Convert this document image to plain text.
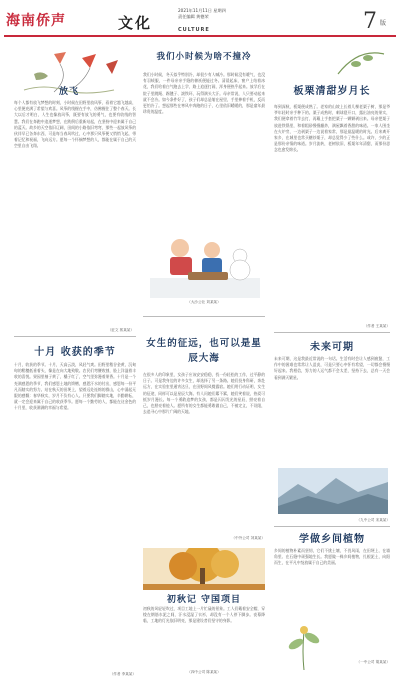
海南侨声	文化
2021年11月11日 星期四
责任编辑 黄德荣
CULTURE	7 版
放飞
每个人都有放飞梦想的时刻，小时候在田野里放风筝，看着它越飞越高，心里便充满了希望与欢喜。风筝的线握在手中，仿佛握住了整个春天。长大以后才明白，人生也像放风筝，既要有放飞的勇气，也要有收线的智慧。我们在奔跑中追逐梦想，在跌倒后重新站起，在坚持中迎来属于自己的蓝天。故乡的天空依旧辽阔，田间的小路依旧弯弯，那些一起放风筝的伙伴早已各奔东西，可是每当春风吹过，心中那只风筝便又悄悄飞起，带着记忆和祝福，飞向远方。愿每一个怀揣梦想的人，都能在属于自己的天空里自由飞翔。
（征文 郭某某）
十月 收获的季节
十月，收获的季节。十月，天高云淡，风轻气爽。田野里稻谷金黄，沉甸甸的稻穗低垂着头，像是在向大地致敬。农民们弯腰收割，脸上洋溢着丰收的喜悦。果园里柚子黄了，橘子红了，空气里弥漫着果香。十月是一个充满感恩的季节，我们感恩土地的馈赠，感恩汗水的付出，感恩每一份平凡而踏实的努力。站在秋天的田埂上，望着远处连绵的群山，心中涌起无限的感慨：春华秋实，岁月不负有心人。只要我们脚踏实地，辛勤耕耘，就一定会迎来属于自己的收获季节。愿每一个勤劳的人，都能在这金色的十月里，收获满满的幸福与希望。
（作者 李某某）
我们小时候为啥不撞冷
我们小时候，冬天似乎特别冷，却很少有人喊冷。那时候没有暖气，也没有羽绒服，一件母亲亲手缝的棉袄便能过冬。清晨起床，窗户上结着冰花，我们哈着白气跑去上学，路上追逐打闹，浑身便热乎起来。放学后在院子里跳绳、踢毽子、滚铁环，玩得满头大汗。母亲常说，人只要动起来就不会冷。如今条件好了，孩子们却总是缩在屋里，手里捧着手机，反而更怕冷了。想起那些在寒风中奔跑的日子，心里依旧暖暖的，那是童年最珍贵的温度。
（大沙公社 刘某某）
女生的征远，也可以是星辰大海
在很多人的印象里，女孩子应该安安稳稳，找一份轻松的工作，过平静的日子。可是我身边的许多女生，却选择了另一条路。她们投身科研，奔赴远方，在实验室里通宵达旦，在田野间风餐露宿。她们用行动证明，女生的征途，同样可以是星辰大海。有人问她们累不累，她们笑着说，热爱可抵岁月漫长。每一个勇敢追梦的女孩，都是闪闪发光的星辰，照亮着自己，也照亮着他人。愿所有的女生都能勇敢做自己，不被定义，不设限，去追寻心中那片广阔的天地。
（中外公司 刘某某）
初秋记 守国项目
初秋的风轻轻吹过，项目工地上一片忙碌的景象。工人们戴着安全帽，穿梭在钢筋水泥之间，汗水浸湿了衣衫，却没有一个人停下脚步。夜幕降临，工地的灯光依旧明亮，那是建设者们坚守的身影。
（四中公司 陈某某）
板栗清甜岁月长
每到深秋，板栗便成熟了。老家的山坡上长着几棵老栗子树，那是爷爷年轻时亲手种下的。栗子成熟时，刺球裂开口，露出油亮的果实，我们便拿着竹竿去打，再戴上手套把栗子一颗颗剥出来。母亲把栗子放进铁锅里，和着粗砂慢慢翻炒，满屋飘着香甜的味道。一家人围坐在火炉旁，一边剥栗子一边说着家常，那是最温暖的时光。后来离开家乡，在城里也常买糖炒栗子，却总觉得少了些什么。或许，少的正是那份亲情的味道。岁月流转，老树依旧，板栗年年清甜，而那份思念也愈发绵长。
（作者 王某某）
未来可期
未来可期，这是我最近常说的一句话。生活有时会让人感到疲惫，工作中的困难也常常让人沮丧，可是只要心中怀有希望，一切都会慢慢好起来。我相信，努力的人运气都不会太差，坚持下去，总有一天会看到满天繁星。
（九中公司 宋某某）
学做乡间植物
乡间的植物朴素而坚韧，它们不挑土壤，不畏风雨，在田埂上、在墙角里、在石缝中顽强地生长。我愿做一株乡间植物，扎根泥土，向阳而生，在平凡中绽放属于自己的美丽。
（一中公司 胡某某）
